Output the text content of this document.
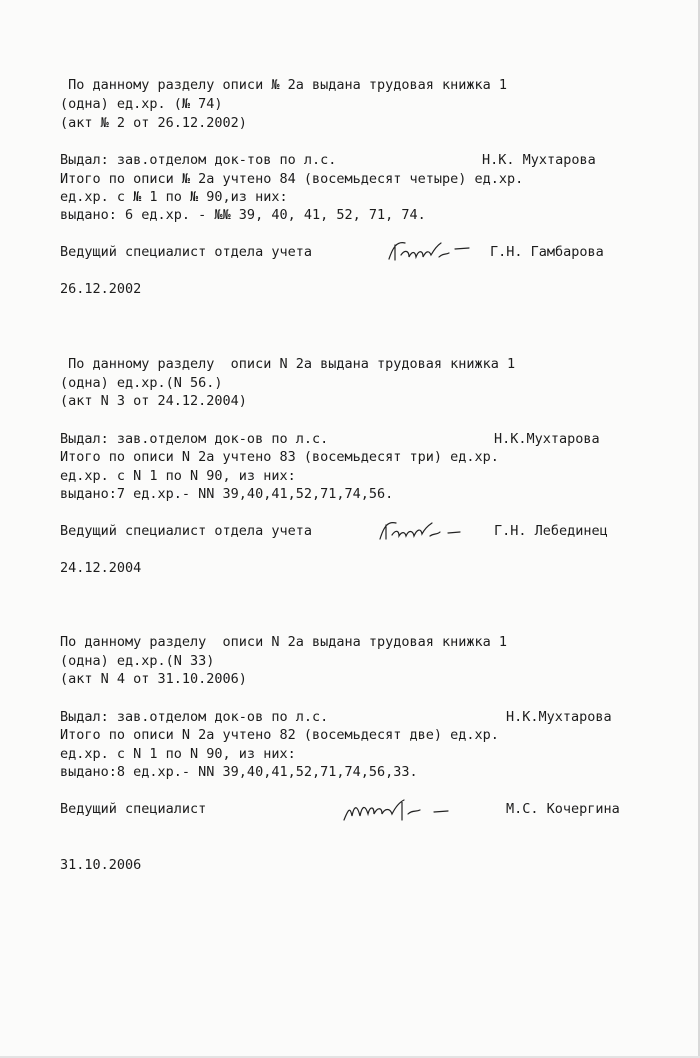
По данному разделу описи № 2а выдана трудовая книжка 1
(одна) ед.хр. (№ 74)
(акт № 2 от 26.12.2002)
Выдал: зав.отделом док-тов по л.с.	Н.К. Мухтарова
Итого по описи № 2а учтено 84 (восемьдесят четыре) ед.хр.
ед.хр. с № 1 по № 90,из них:
выдано: 6 ед.хр. - №№ 39, 40, 41, 52, 71, 74.
Ведущий специалист отдела учета	Г.Н. Гамбарова
26.12.2002
По данному разделу  описи N 2а выдана трудовая книжка 1
(одна) ед.хр.(N 56.)
(акт N 3 от 24.12.2004)
Выдал: зав.отделом док-ов по л.с.	Н.К.Мухтарова
Итого по описи N 2а учтено 83 (восемьдесят три) ед.хр.
ед.хр. с N 1 по N 90, из них:
выдано:7 ед.хр.- NN 39,40,41,52,71,74,56.
Ведущий специалист отдела учета	Г.Н. Лебединец
24.12.2004
По данному разделу  описи N 2а выдана трудовая книжка 1
(одна) ед.хр.(N 33)
(акт N 4 от 31.10.2006)
Выдал: зав.отделом док-ов по л.с.	Н.К.Мухтарова
Итого по описи N 2а учтено 82 (восемьдесят две) ед.хр.
ед.хр. с N 1 по N 90, из них:
выдано:8 ед.хр.- NN 39,40,41,52,71,74,56,33.
Ведущий специалист	М.С. Кочергина
31.10.2006
